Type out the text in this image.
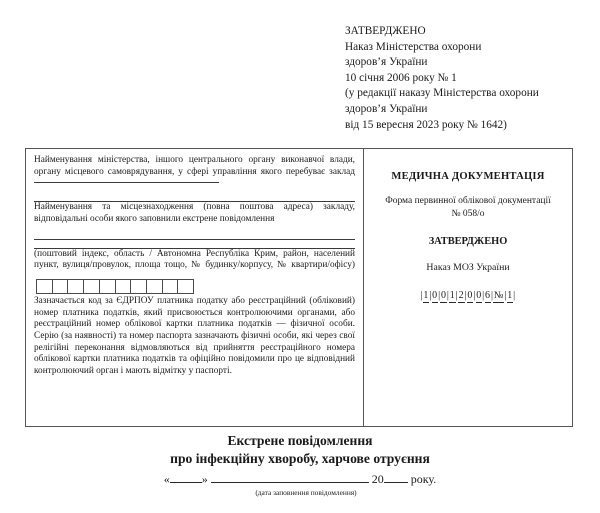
ЗАТВЕРДЖЕНО
Наказ Міністерства охорони
здоров’я України
10 січня 2006 року № 1
(у редакції наказу Міністерства охорони
здоров’я України
від 15 вересня 2023 року № 1642)

Найменування міністерства, іншого центрального органу виконавчої влади, органу місцевого самоврядування, у сфері управління якого перебуває заклад

Найменування та місцезнаходження (повна поштова адреса) закладу, відповідальні особи якого заповнили екстрене повідомлення

(поштовий індекс, область / Автономна Республіка Крим, район, населений пункт, вулиця/провулок, площа тощо, № будинку/корпусу, № квартири/офісу)

Зазначається код за ЄДРПОУ платника податку або реєстраційний (обліковий) номер платника податків, який присвоюється контролюючими органами, або реєстраційний номер облікової картки платника податків — фізичної особи. Серію (за наявності) та номер паспорта зазначають фізичні особи, які через свої релігійні переконання відмовляються від прийняття реєстраційного номера облікової картки платника податків та офіційно повідомили про це відповідний контролюючий орган і мають відмітку у паспорті.

МЕДИЧНА ДОКУМЕНТАЦІЯ
Форма первинної облікової документації
№ 058/о
ЗАТВЕРДЖЕНО
Наказ МОЗ України
|1|0|0|1|2|0|0|6|№|1|
Екстрене повідомлення
про інфекційну хворобу, харчове отруєння
«	»	20 року.
(дата заповнення повідомлення)
